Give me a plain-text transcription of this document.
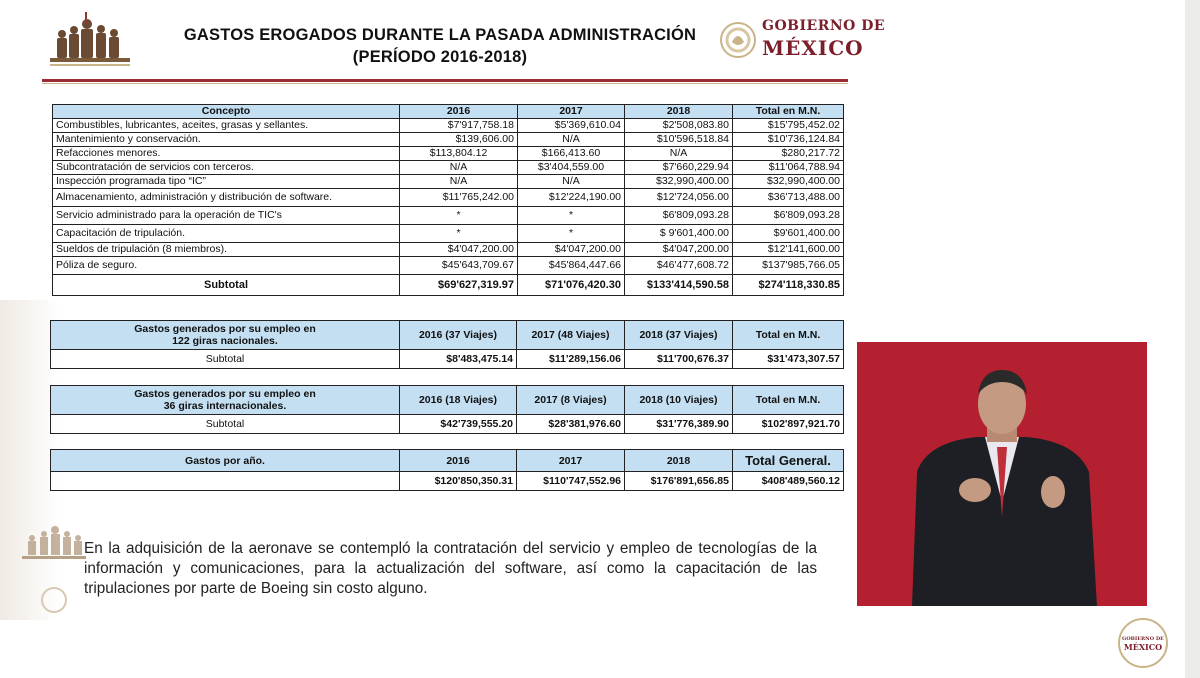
GASTOS EROGADOS DURANTE LA PASADA ADMINISTRACIÓN
(PERÍODO 2016-2018)
GOBIERNO DE
MÉXICO
Concepto	2016	2017	2018	Total en M.N.
Combustibles, lubricantes, aceites, grasas y sellantes.	$7'917,758.18	$5'369,610.04	$2'508,083.80	$15'795,452.02
Mantenimiento y conservación.	$139,606.00	N/A	$10'596,518.84	$10'736,124.84
Refacciones menores.	$113,804.12	$166,413.60	N/A	$280,217.72
Subcontratación de servicios con terceros.	N/A	$3'404,559.00	$7'660,229.94	$11'064,788.94
Inspección programada tipo “IC”	N/A	N/A	$32,990,400.00	$32,990,400.00
Almacenamiento, administración y distribución de software.	$11'765,242.00	$12'224,190.00	$12'724,056.00	$36'713,488.00
Servicio administrado para la operación de TIC's	*	*	$6'809,093.28	$6'809,093.28
Capacitación de tripulación.	*	*	$ 9'601,400.00	$9'601,400.00
Sueldos de tripulación (8 miembros).	$4'047,200.00	$4'047,200.00	$4'047,200.00	$12'141,600.00
Póliza de seguro.	$45'643,709.67	$45'864,447.66	$46'477,608.72	$137'985,766.05
Subtotal	$69'627,319.97	$71'076,420.30	$133'414,590.58	$274'118,330.85
Gastos generados por su empleo en
122 giras nacionales.	2016 (37 Viajes)	2017 (48 Viajes)	2018 (37 Viajes)	Total en M.N.
Subtotal	$8'483,475.14	$11'289,156.06	$11'700,676.37	$31'473,307.57
Gastos generados por su empleo en
36 giras internacionales.	2016 (18 Viajes)	2017 (8 Viajes)	2018 (10 Viajes)	Total en M.N.
Subtotal	$42'739,555.20	$28'381,976.60	$31'776,389.90	$102'897,921.70
Gastos por año.	2016	2017	2018	Total General.
	$120'850,350.31	$110'747,552.96	$176'891,656.85	$408'489,560.12

En la adquisición de la aeronave se contempló la contratación del servicio y empleo de tecnologías de la información y comunicaciones, para la actualización del software, así como la capacitación de las tripulaciones por parte de Boeing sin costo alguno.

GOBIERNO DE
MÉXICO
